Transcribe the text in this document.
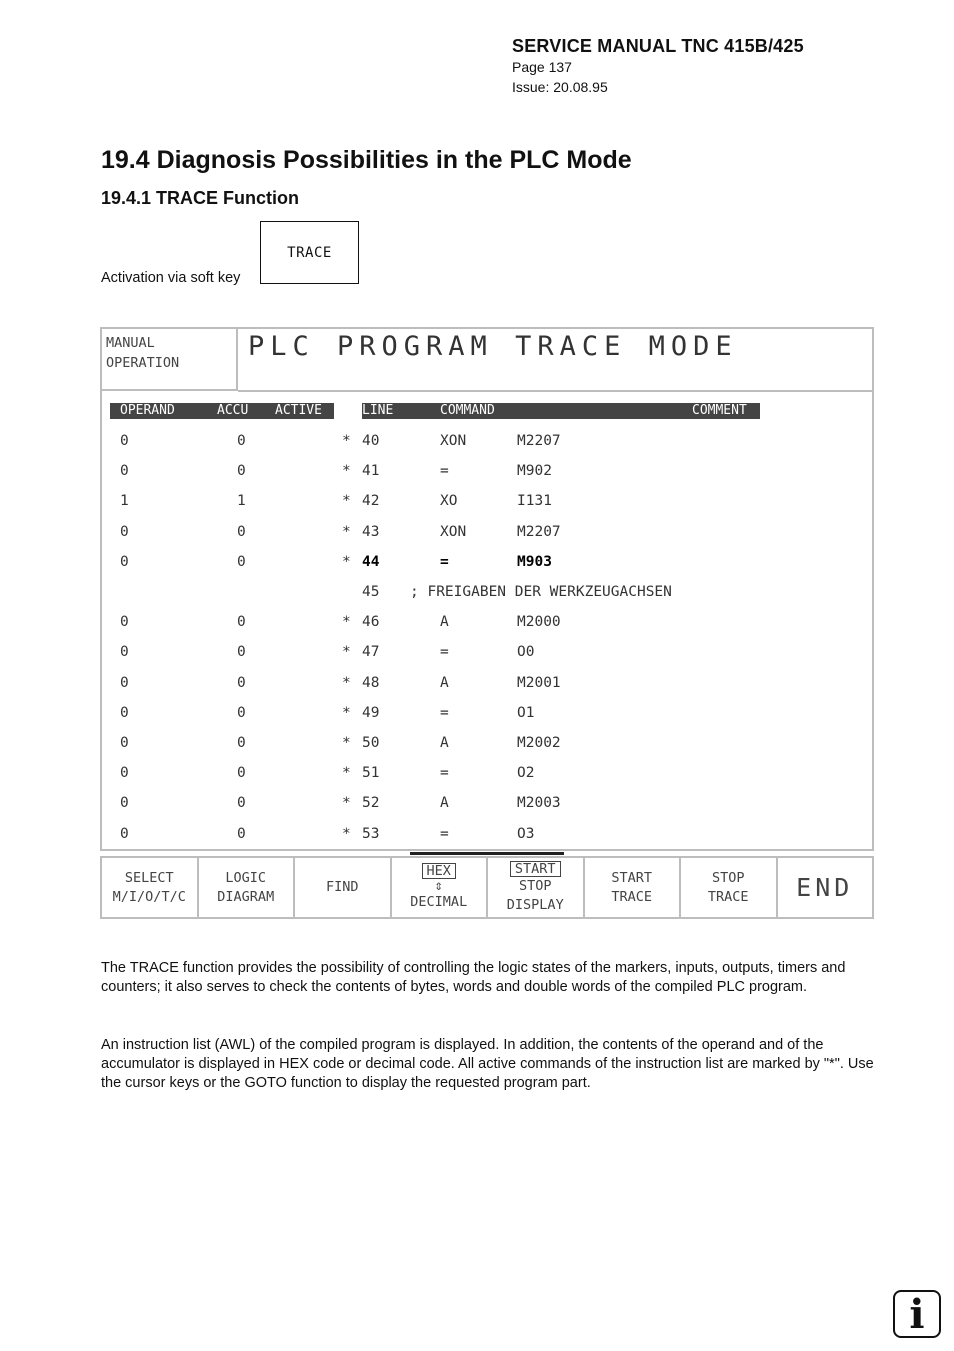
SERVICE MANUAL TNC 415B/425
Page 137
Issue: 20.08.95
19.4 Diagnosis Possibilities in the PLC Mode
19.4.1 TRACE Function
Activation via soft key
TRACE
MANUAL
OPERATION
PLC PROGRAM TRACE MODE
OPERAND	ACCU ACTIVE	LINE	COMMAND	COMMENT
0	0	* 40	XON	M2207
0	0	* 41	=	M902
1	1	* 42	XO	I131
0	0	* 43	XON	M2207
0	0	* 44	=	M903
45 ; FREIGABEN DER WERKZEUGACHSEN
0	0	* 46	A	M2000
0	0	* 47	=	O0
0	0	* 48	A	M2001
0	0	* 49	=	O1
0	0	* 50	A	M2002
0	0	* 51	=	O2
0	0	* 52	A	M2003
0	0	* 53	=	O3
SELECT
M/I/O/T/C
LOGIC
DIAGRAM
FIND
HEX
⇕
DECIMAL
START
STOP
DISPLAY
START
TRACE
STOP
TRACE END

The TRACE function provides the possibility of controlling the logic states of the markers, inputs, outputs, timers and counters; it also serves to check the contents of bytes, words and double words of the compiled PLC program.

An instruction list (AWL) of the compiled program is displayed. In addition, the contents of the operand and of the accumulator is displayed in HEX code or decimal code. All active commands of the instruction list are marked by "*". Use the cursor keys or the GOTO function to display the requested program part.

i
